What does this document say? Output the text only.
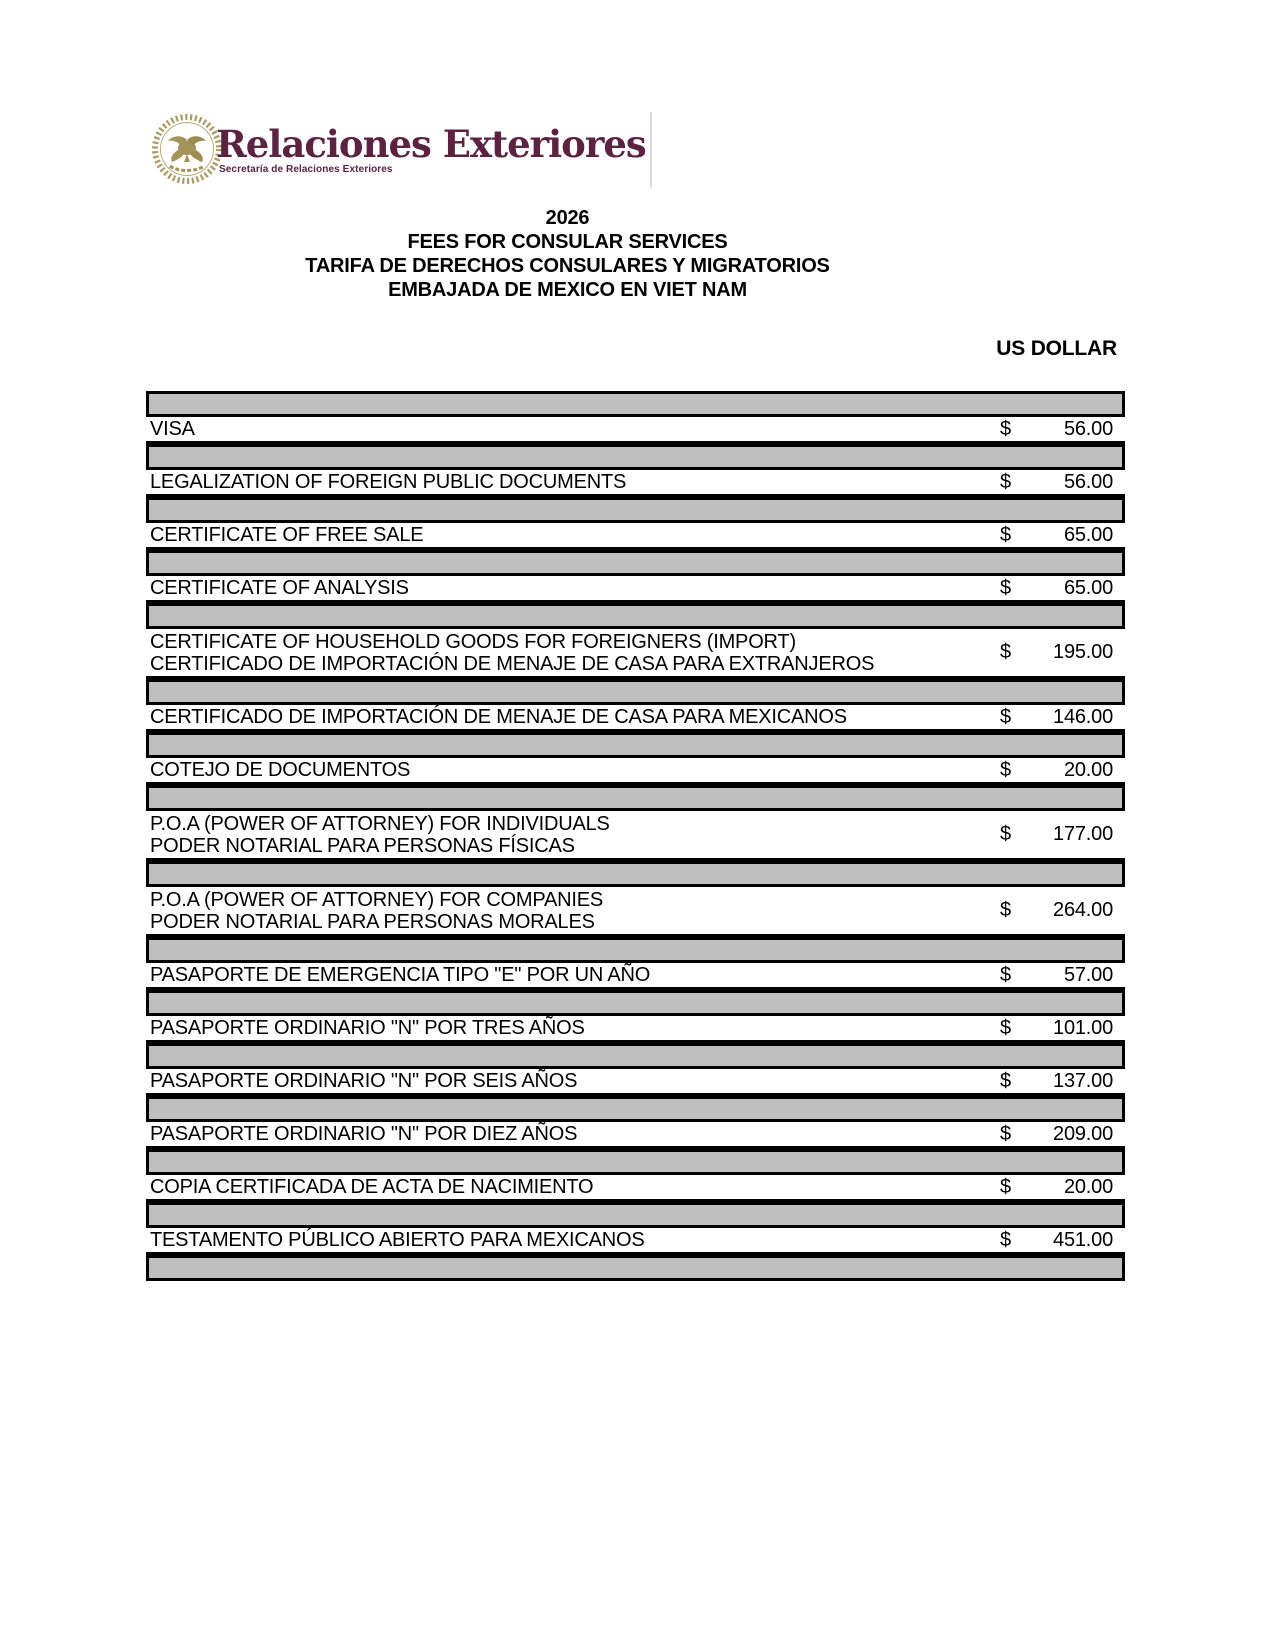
Relaciones Exteriores
Secretaría de Relaciones Exteriores
2026
FEES FOR CONSULAR SERVICES
TARIFA DE DERECHOS CONSULARES Y MIGRATORIOS
EMBAJADA DE MEXICO EN VIET NAM
US DOLLAR
VISA	$	56.00
LEGALIZATION OF FOREIGN PUBLIC DOCUMENTS	$	56.00
CERTIFICATE OF FREE SALE	$	65.00
CERTIFICATE OF ANALYSIS	$	65.00
CERTIFICATE OF HOUSEHOLD GOODS FOR FOREIGNERS (IMPORT)
CERTIFICADO DE IMPORTACIÓN DE MENAJE DE CASA PARA EXTRANJEROS
$ 195.00
CERTIFICADO DE IMPORTACIÓN DE MENAJE DE CASA PARA MEXICANOS	$ 146.00
COTEJO DE DOCUMENTOS	$	20.00
P.O.A (POWER OF ATTORNEY) FOR INDIVIDUALS
PODER NOTARIAL PARA PERSONAS FÍSICAS
$ 177.00
P.O.A (POWER OF ATTORNEY) FOR COMPANIES
PODER NOTARIAL PARA PERSONAS MORALES
$ 264.00
PASAPORTE DE EMERGENCIA TIPO "E" POR UN AÑO	$	57.00
PASAPORTE ORDINARIO "N" POR TRES AÑOS	$ 101.00
PASAPORTE ORDINARIO "N" POR SEIS AÑOS	$ 137.00
PASAPORTE ORDINARIO "N" POR DIEZ AÑOS	$ 209.00
COPIA CERTIFICADA DE ACTA DE NACIMIENTO	$	20.00
TESTAMENTO PÚBLICO ABIERTO PARA MEXICANOS	$ 451.00
